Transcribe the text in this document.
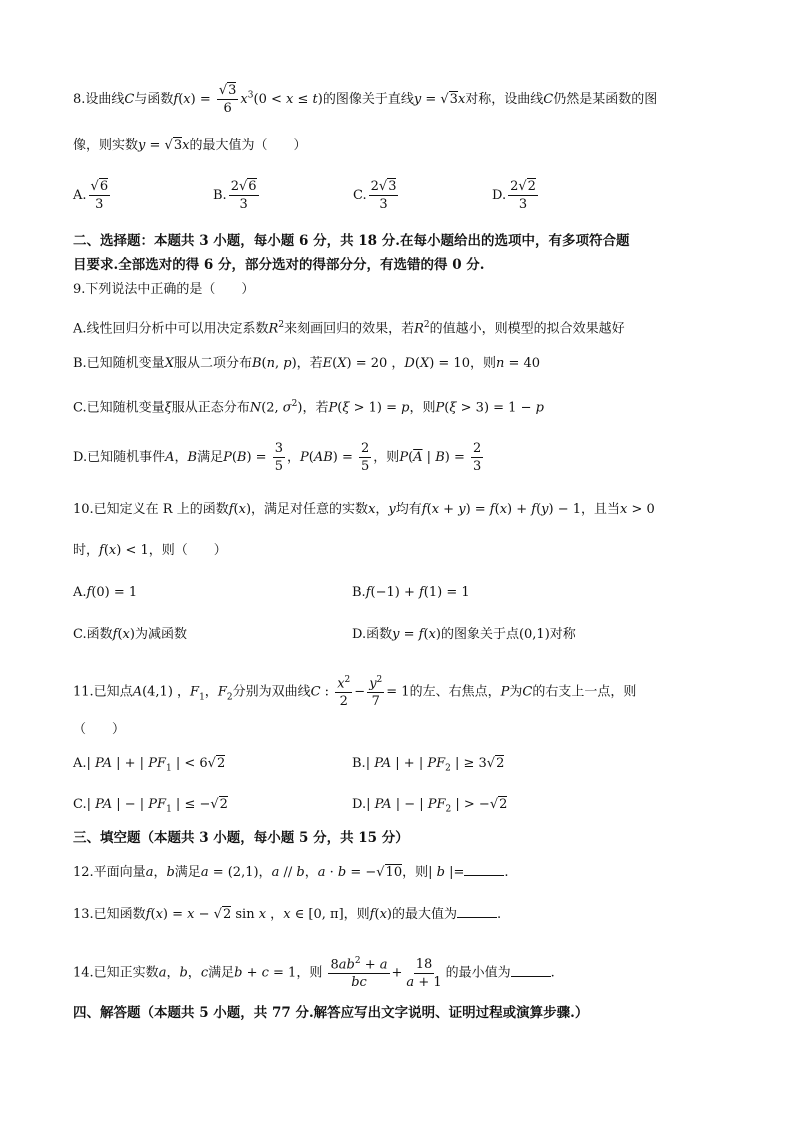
8.设曲线C与函数$f(x) = \frac{√3}{6} x^3(0 < x \le t)$的图像关于直线y = √3x对称，设曲线C仍然是某函数的图
像，则实数y = √3x的最大值为（　　）
A. $\frac{√6}{3}$	B. $\frac{2√6}{3}$	C. $\frac{2√3}{3}$	D. $\frac{2√2}{3}$
二、选择题：本题共 3 小题，每小题 6 分，共 18 分.在每小题给出的选项中，有多项符合题
目要求.全部选对的得 6 分，部分选对的得部分分，有选错的得 0 分.
9.下列说法中正确的是（　　）
A.线性回归分析中可以用决定系数$R^2$来刻画回归的效果，若$R^2$的值越小，则模型的拟合效果越好
B.已知随机变量X服从二项分布B(n, p)，若E(X) = 20 ，D(X) = 10，则n = 40
C.已知随机变量ξ服从正态分布N(2, $\sigma^2$)，若P(ξ > 1) = p，则P(ξ > 3) = 1 − p
D.已知随机事件A，B满足$P(B) = \frac{3}{5}$ ，$P(AB) = \frac{2}{5}$ ，则$P(\overline{A}$ | $B) = \frac{2}{3}$
10.已知定义在 R 上的函数f(x)，满足对任意的实数x，y均有f(x + y) = f(x) + f(y) − 1，且当x > 0
时，f(x) < 1，则（　　）
A.f(0) = 1	B.f(−1) + f(1) = 1
C.函数f(x)为减函数	D.函数y = f(x)的图象关于点(0,1)对称
11.已知点A(4,1) ，$F_1$，$F_2$分别为双曲线C : $\frac{x^2}{2} - \frac{y^2}{7} = 1$的左、右焦点，P为C的右支上一点，则
（　　）
A.| PA | + | $PF_1$ | < 6√2	B.| PA | + | $PF_2$ | ≥ 3√2
C.| PA | − | $PF_1$ | ≤ −√2	D.| PA | − | $PF_2$ | > −√2
三、填空题（本题共 3 小题，每小题 5 分，共 15 分）
12.平面向量a，b满足a = (2,1)，a // b，a · b = −√10，则| b |=	.
13.已知函数f(x) = x − √2 sin x ，x ∈ [0, π]，则f(x)的最大值为	.
14.已知正实数a，b，c满足b + c = 1，则 $\frac{8ab^2 + a}{bc} + \frac{18}{a + 1}$ 的最小值为	.
四、解答题（本题共 5 小题，共 77 分.解答应写出文字说明、证明过程或演算步骤.）
